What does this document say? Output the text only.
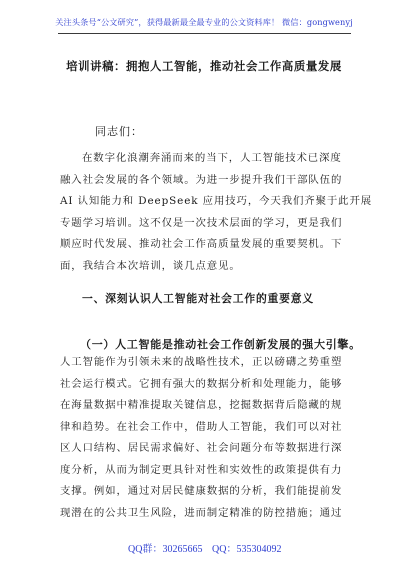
关注头条号“公文研究”，获得最新最全最专业的公文资料库！ 微信：gongwenyj
培训讲稿：拥抱人工智能，推动社会工作高质量发展
同志们：
在数字化浪潮奔涌而来的当下，人工智能技术已深度
融入社会发展的各个领域。为进一步提升我们干部队伍的
AI 认知能力和 DeepSeek 应用技巧，今天我们齐聚于此开展
专题学习培训。这不仅是一次技术层面的学习，更是我们
顺应时代发展、推动社会工作高质量发展的重要契机。下
面，我结合本次培训，谈几点意见。
一、深刻认识人工智能对社会工作的重要意义
（一）人工智能是推动社会工作创新发展的强大引擎。
人工智能作为引领未来的战略性技术，正以磅礴之势重塑
社会运行模式。它拥有强大的数据分析和处理能力，能够
在海量数据中精准提取关键信息，挖掘数据背后隐藏的规
律和趋势。在社会工作中，借助人工智能，我们可以对社
区人口结构、居民需求偏好、社会问题分布等数据进行深
度分析，从而为制定更具针对性和实效性的政策提供有力
支撑。例如，通过对居民健康数据的分析，我们能提前发
现潜在的公共卫生风险，进而制定精准的防控措施；通过
QQ群：30265665 QQ：535304092
